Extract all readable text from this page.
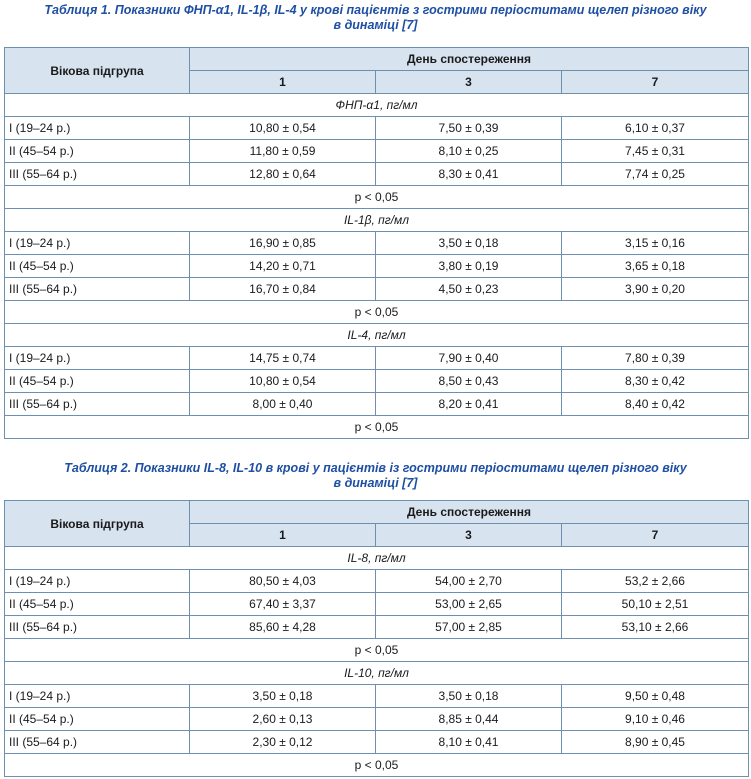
Таблиця 1. Показники ФНП-α1, IL-1β, IL-4 у крові пацієнтів з гострими періоститами щелеп різного віку
в динаміці [7]
Вікова підгрупа	День спостереження		
	1	3	7
ФНП-α1, пг/мл			
I (19–24 р.)	10,80 ± 0,54	7,50 ± 0,39	6,10 ± 0,37
II (45–54 р.)	11,80 ± 0,59	8,10 ± 0,25	7,45 ± 0,31
III (55–64 р.)	12,80 ± 0,64	8,30 ± 0,41	7,74 ± 0,25
p < 0,05			
IL-1β, пг/мл			
I (19–24 р.)	16,90 ± 0,85	3,50 ± 0,18	3,15 ± 0,16
II (45–54 р.)	14,20 ± 0,71	3,80 ± 0,19	3,65 ± 0,18
III (55–64 р.)	16,70 ± 0,84	4,50 ± 0,23	3,90 ± 0,20
p < 0,05			
IL-4, пг/мл			
I (19–24 р.)	14,75 ± 0,74	7,90 ± 0,40	7,80 ± 0,39
II (45–54 р.)	10,80 ± 0,54	8,50 ± 0,43	8,30 ± 0,42
III (55–64 р.)	8,00 ± 0,40	8,20 ± 0,41	8,40 ± 0,42
p < 0,05			
Таблиця 2. Показники IL-8, IL-10 в крові у пацієнтів із гострими періоститами щелеп різного віку
в динаміці [7]
Вікова підгрупа	День спостереження		
	1	3	7
IL-8, пг/мл			
I (19–24 р.)	80,50 ± 4,03	54,00 ± 2,70	53,2 ± 2,66
II (45–54 р.)	67,40 ± 3,37	53,00 ± 2,65	50,10 ± 2,51
III (55–64 р.)	85,60 ± 4,28	57,00 ± 2,85	53,10 ± 2,66
p < 0,05			
IL-10, пг/мл			
I (19–24 р.)	3,50 ± 0,18	3,50 ± 0,18	9,50 ± 0,48
II (45–54 р.)	2,60 ± 0,13	8,85 ± 0,44	9,10 ± 0,46
III (55–64 р.)	2,30 ± 0,12	8,10 ± 0,41	8,90 ± 0,45
p < 0,05			
